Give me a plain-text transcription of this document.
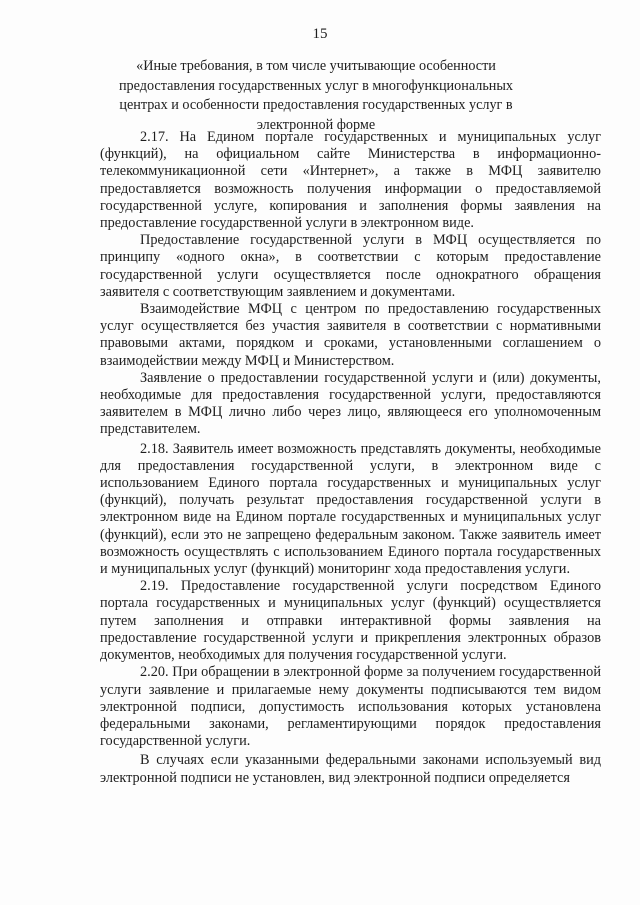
15
«Иные требования, в том числе учитывающие особенности предоставления государственных услуг в многофункциональных центрах и особенности предоставления государственных услуг в электронной форме

2.17. На Едином портале государственных и муниципальных услуг (функций), на официальном сайте Министерства в информационно-телекоммуникационной сети «Интернет», а также в МФЦ заявителю предоставляется возможность получения информации о предоставляемой государственной услуге, копирования и заполнения формы заявления на предоставление государственной услуги в электронном виде.

Предоставление государственной услуги в МФЦ осуществляется по принципу «одного окна», в соответствии с которым предоставление государственной услуги осуществляется после однократного обращения заявителя с соответствующим заявлением и документами.

Взаимодействие МФЦ с центром по предоставлению государственных услуг осуществляется без участия заявителя в соответствии с нормативными правовыми актами, порядком и сроками, установленными соглашением о взаимодействии между МФЦ и Министерством.

Заявление о предоставлении государственной услуги и (или) документы, необходимые для предоставления государственной услуги, предоставляются заявителем в МФЦ лично либо через лицо, являющееся его уполномоченным представителем.

2.18. Заявитель имеет возможность представлять документы, необходимые для предоставления государственной услуги, в электронном виде с использованием Единого портала государственных и муниципальных услуг (функций), получать результат предоставления государственной услуги в электронном виде на Едином портале государственных и муниципальных услуг (функций), если это не запрещено федеральным законом. Также заявитель имеет возможность осуществлять с использованием Единого портала государственных и муниципальных услуг (функций) мониторинг хода предоставления услуги.

2.19. Предоставление государственной услуги посредством Единого портала государственных и муниципальных услуг (функций) осуществляется путем заполнения и отправки интерактивной формы заявления на предоставление государственной услуги и прикрепления электронных образов документов, необходимых для получения государственной услуги.

2.20. При обращении в электронной форме за получением государственной услуги заявление и прилагаемые нему документы подписываются тем видом электронной подписи, допустимость использования которых установлена федеральными законами, регламентирующими порядок предоставления государственной услуги.

В случаях если указанными федеральными законами используемый вид электронной подписи не установлен, вид электронной подписи определяется
